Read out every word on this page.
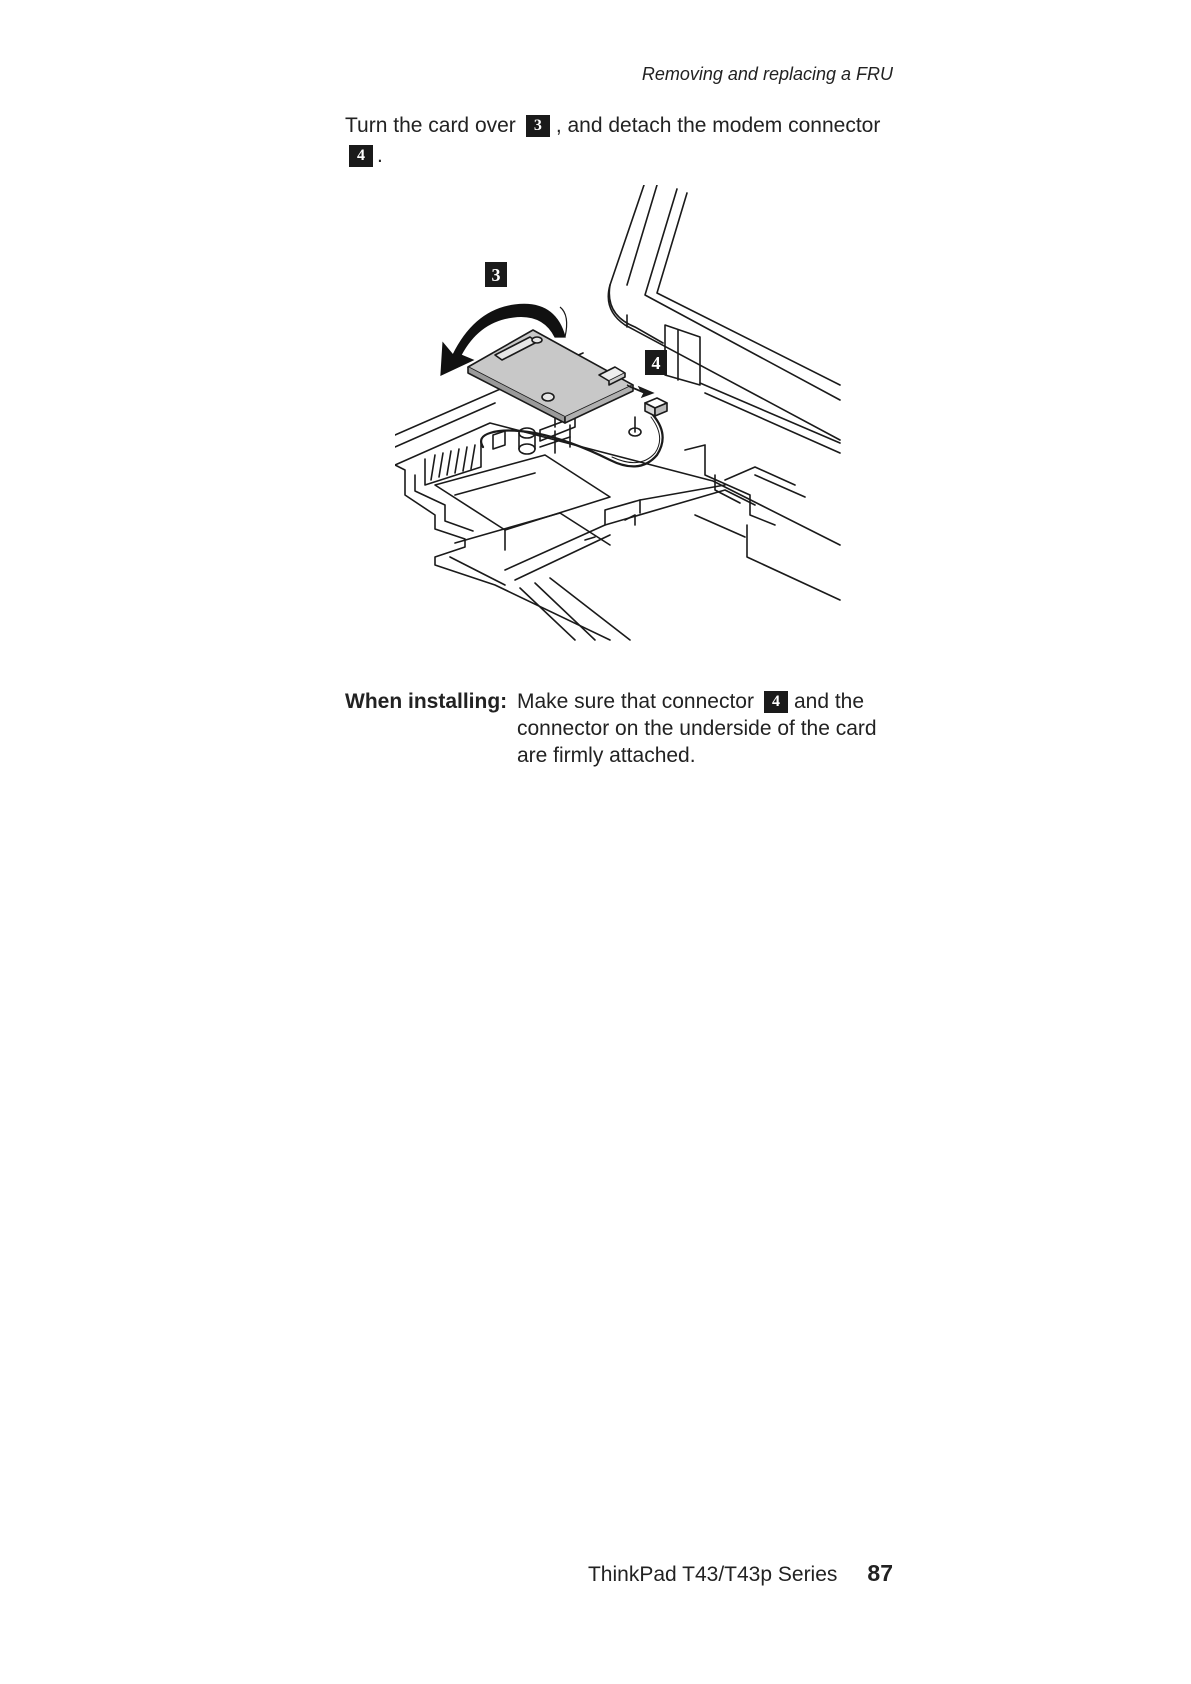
Removing and replacing a FRU
Turn the card over 3 , and detach the modem connector
4 .
3
4
When installing: Make sure that connector 4 and the connector on the underside of the card are firmly attached.
ThinkPad T43/T43p Series 87
